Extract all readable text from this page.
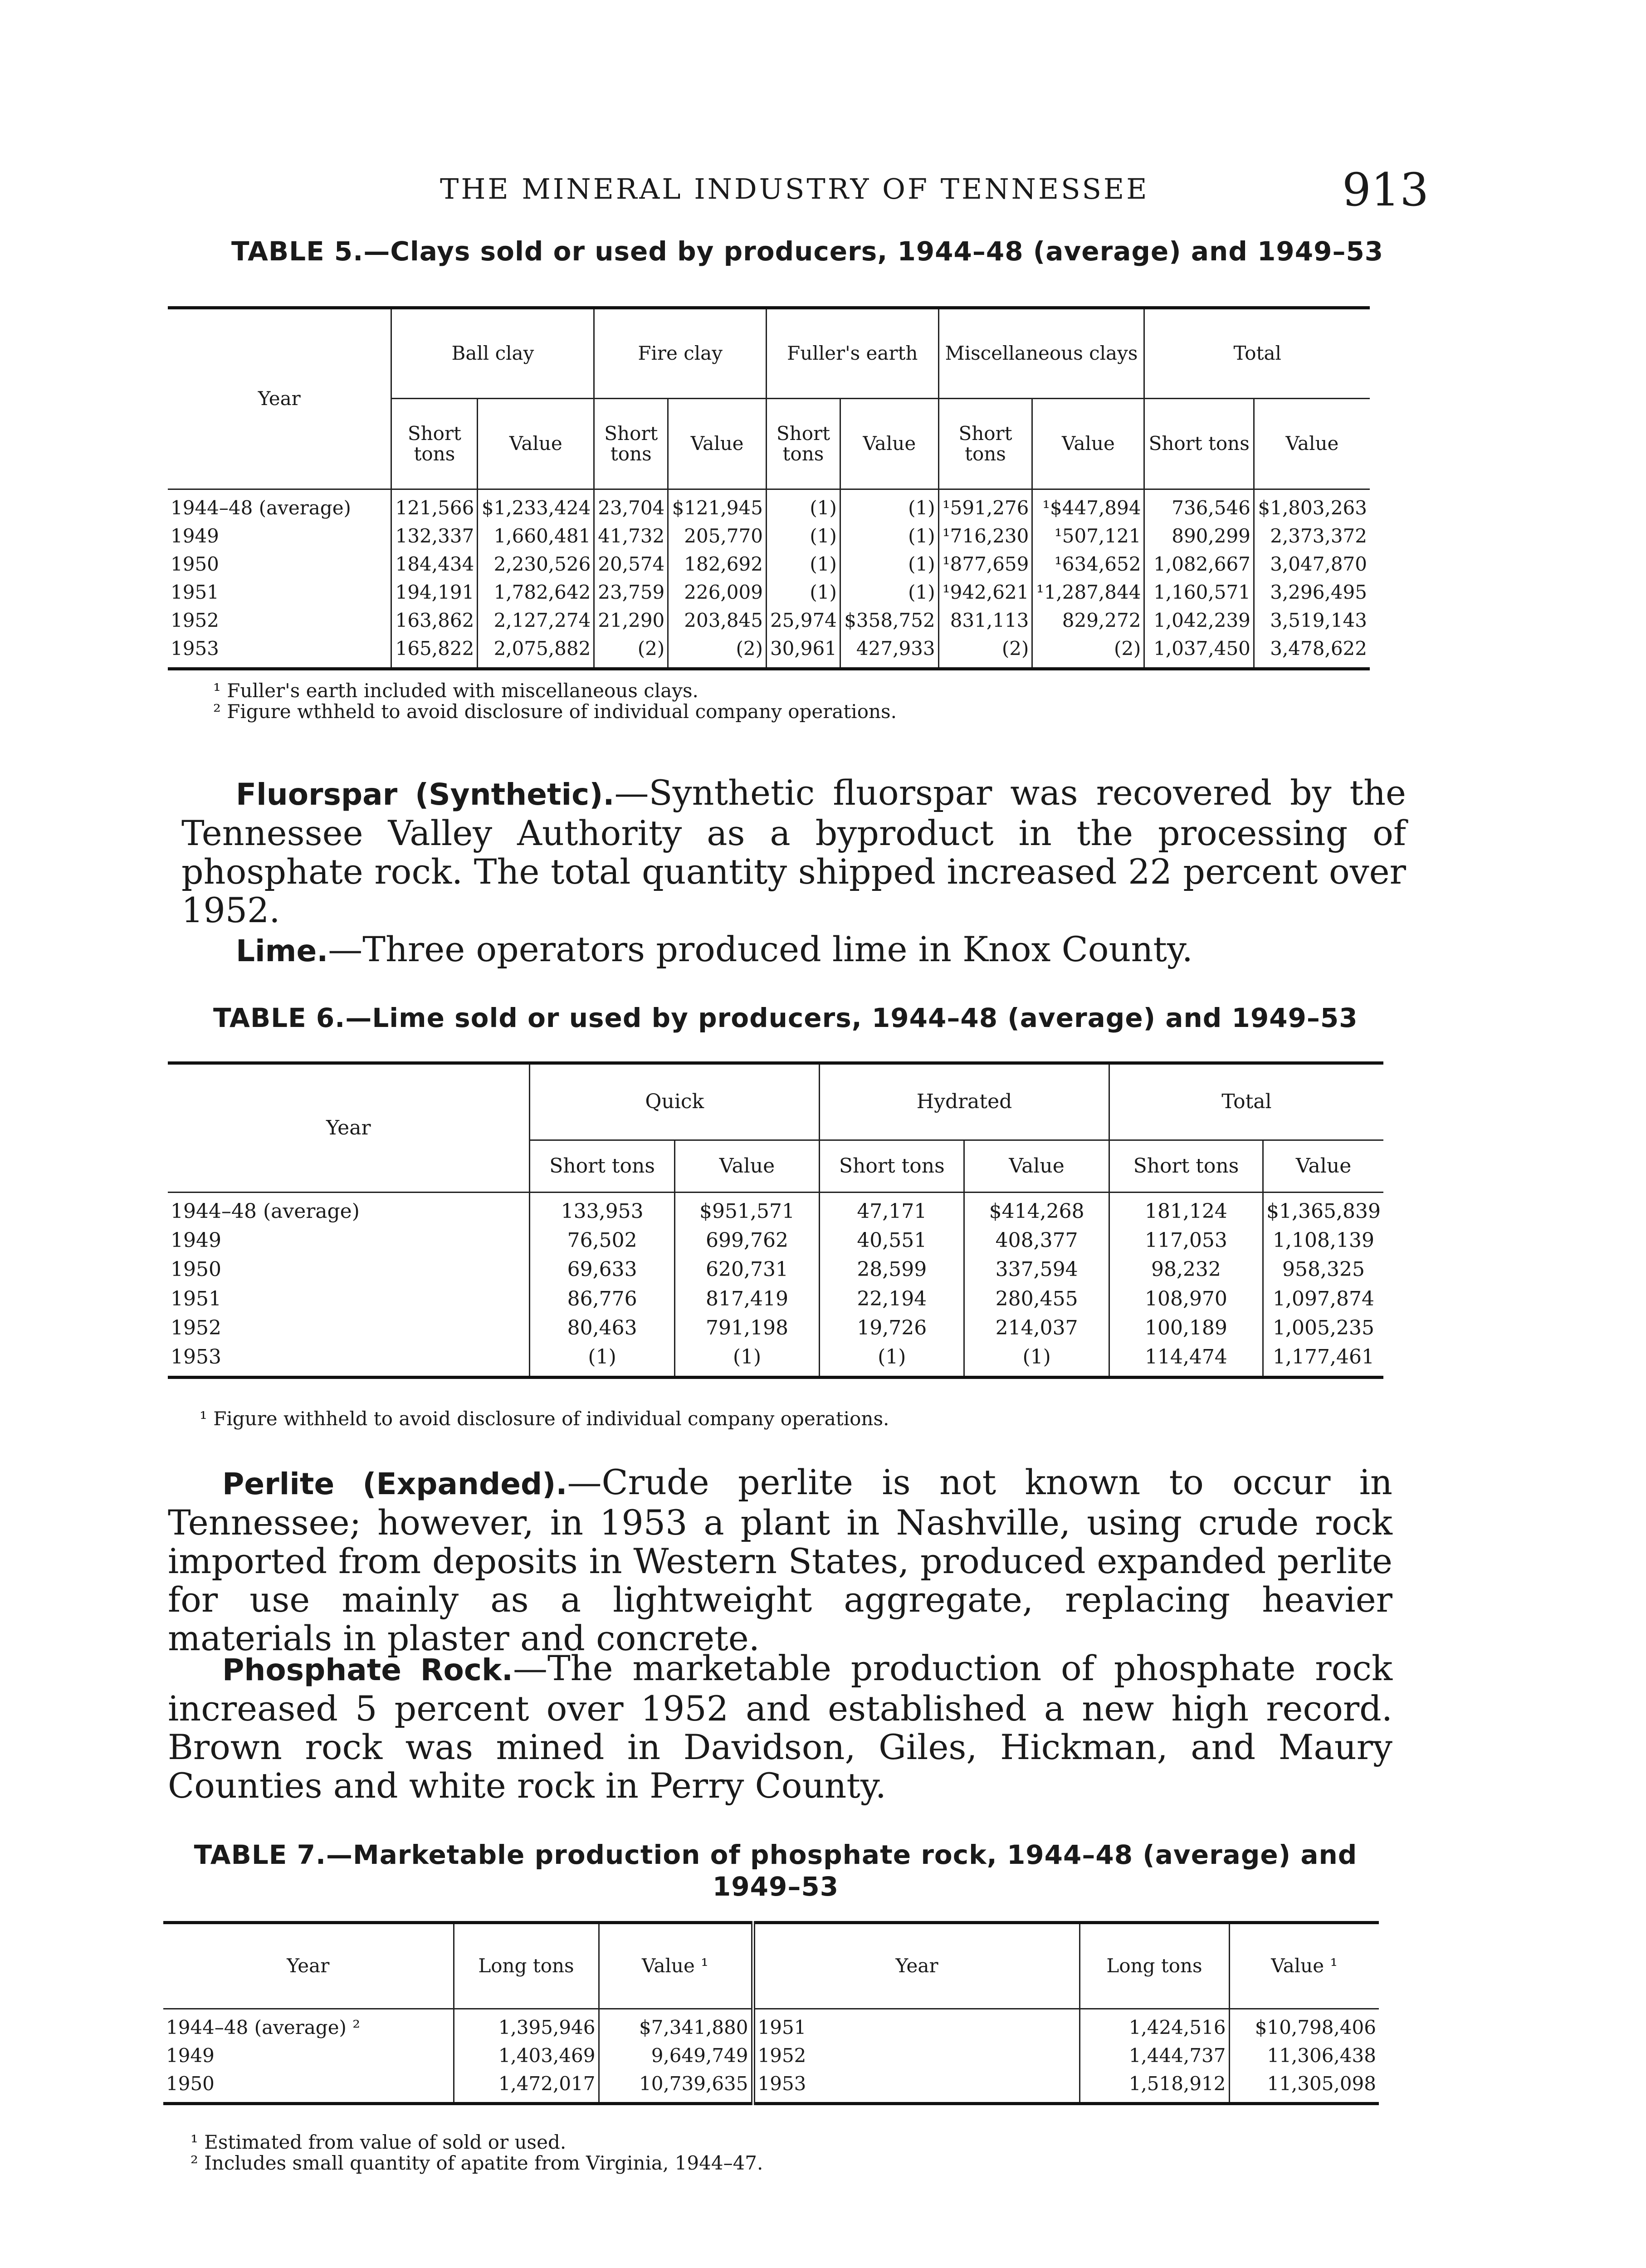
THE MINERAL INDUSTRY OF TENNESSEE	913
TABLE 5.—Clays sold or used by producers, 1944–48 (average) and 1949–53
Year	Ball clay		Fire clay		Fuller's earth		Miscellaneous clays		Total	
	Short tons	Value	Short tons	Value	Short tons	Value	Short tons	Value	Short tons	Value
1944–48 (average)	121,566	$1,233,424	23,704	$121,945	(1)	(1)	¹591,276	¹$447,894	736,546	$1,803,263
1949	132,337	1,660,481	41,732	205,770	(1)	(1)	¹716,230	¹507,121	890,299	2,373,372
1950	184,434	2,230,526	20,574	182,692	(1)	(1)	¹877,659	¹634,652	1,082,667	3,047,870
1951	194,191	1,782,642	23,759	226,009	(1)	(1)	¹942,621	¹1,287,844	1,160,571	3,296,495
1952	163,862	2,127,274	21,290	203,845	25,974	$358,752	831,113	829,272	1,042,239	3,519,143
1953	165,822	2,075,882	(2)	(2)	30,961	427,933	(2)	(2)	1,037,450	3,478,622
¹ Fuller's earth included with miscellaneous clays.
² Figure wthheld to avoid disclosure of individual company operations.
Fluorspar (Synthetic).—Synthetic fluorspar was recovered by the Tennessee Valley Authority as a byproduct in the processing of phosphate rock. The total quantity shipped increased 22 percent over 1952.
Lime.—Three operators produced lime in Knox County.
TABLE 6.—Lime sold or used by producers, 1944–48 (average) and 1949–53
Year	Quick		Hydrated		Total	
	Short tons	Value	Short tons	Value	Short tons	Value
1944–48 (average)	133,953	$951,571	47,171	$414,268	181,124	$1,365,839
1949	76,502	699,762	40,551	408,377	117,053	1,108,139
1950	69,633	620,731	28,599	337,594	98,232	958,325
1951	86,776	817,419	22,194	280,455	108,970	1,097,874
1952	80,463	791,198	19,726	214,037	100,189	1,005,235
1953	(1)	(1)	(1)	(1)	114,474	1,177,461
¹ Figure withheld to avoid disclosure of individual company operations.
Perlite (Expanded).—Crude perlite is not known to occur in Tennessee; however, in 1953 a plant in Nashville, using crude rock imported from deposits in Western States, produced expanded perlite for use mainly as a lightweight aggregate, replacing heavier materials in plaster and concrete.
Phosphate Rock.—The marketable production of phosphate rock increased 5 percent over 1952 and established a new high record. Brown rock was mined in Davidson, Giles, Hickman, and Maury Counties and white rock in Perry County.
TABLE 7.—Marketable production of phosphate rock, 1944–48 (average) and
1949–53
Year	Long tons	Value ¹	Year	Long tons	Value ¹
1944–48 (average) ²	1,395,946	$7,341,880	1951	1,424,516	$10,798,406
1949	1,403,469	9,649,749	1952	1,444,737	11,306,438
1950	1,472,017	10,739,635	1953	1,518,912	11,305,098
¹ Estimated from value of sold or used.
² Includes small quantity of apatite from Virginia, 1944–47.
